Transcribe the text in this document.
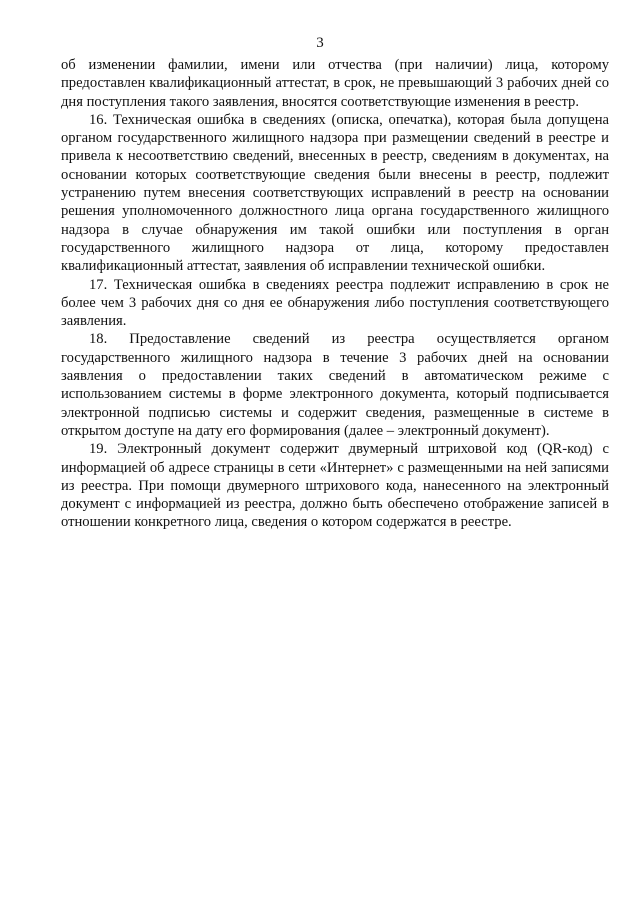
3

об изменении фамилии, имени или отчества (при наличии) лица, которому предоставлен квалификационный аттестат, в срок, не превышающий 3 рабочих дней со дня поступления такого заявления, вносятся соответствующие изменения в реестр.

16. Техническая ошибка в сведениях (описка, опечатка), которая была допущена органом государственного жилищного надзора при размещении сведений в реестре и привела к несоответствию сведений, внесенных в реестр, сведениям в документах, на основании которых соответствующие сведения были внесены в реестр, подлежит устранению путем внесения соответствующих исправлений в реестр на основании решения уполномоченного должностного лица органа государственного жилищного надзора в случае обнаружения им такой ошибки или поступления в орган государственного жилищного надзора от лица, которому предоставлен квалификационный аттестат, заявления об исправлении технической ошибки.

17. Техническая ошибка в сведениях реестра подлежит исправлению в срок не более чем 3 рабочих дня со дня ее обнаружения либо поступления соответствующего заявления.

18. Предоставление сведений из реестра осуществляется органом государственного жилищного надзора в течение 3 рабочих дней на основании заявления о предоставлении таких сведений в автоматическом режиме с использованием системы в форме электронного документа, который подписывается электронной подписью системы и содержит сведения, размещенные в системе в открытом доступе на дату его формирования (далее – электронный документ).

19. Электронный документ содержит двумерный штриховой код (QR-код) с информацией об адресе страницы в сети «Интернет» с размещенными на ней записями из реестра. При помощи двумерного штрихового кода, нанесенного на электронный документ с информацией из реестра, должно быть обеспечено отображение записей в отношении конкретного лица, сведения о котором содержатся в реестре.
